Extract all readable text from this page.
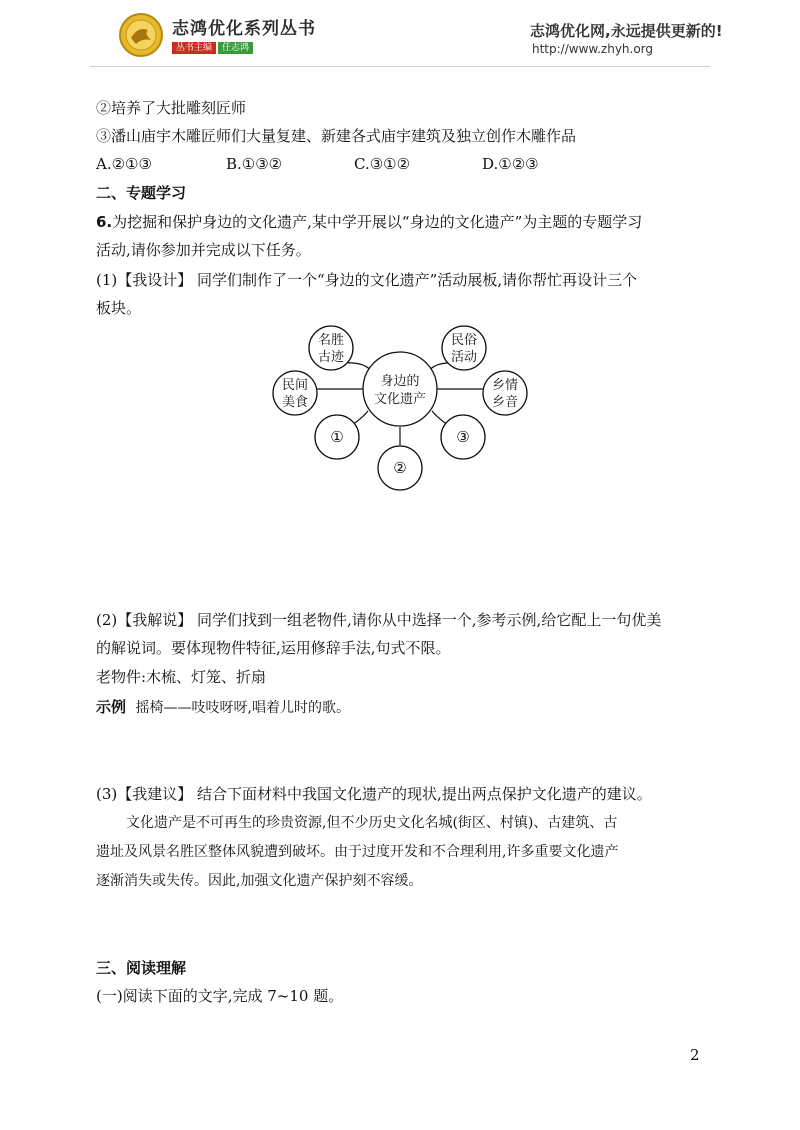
志鸿优化系列丛书
丛书主编 任志鸿
志鸿优化网,永远提供更新的!
http://www.zhyh.org
②培养了大批雕刻匠师
③潘山庙宇木雕匠师们大量复建、新建各式庙宇建筑及独立创作木雕作品
A.②①③	B.①③②	C.③①②	D.①②③
二、专题学习
6.为挖掘和保护身边的文化遗产,某中学开展以“身边的文化遗产”为主题的专题学习
活动,请你参加并完成以下任务。
(1)【我设计】 同学们制作了一个“身边的文化遗产”活动展板,请你帮忙再设计三个
板块。
身边的
文化遗产
名胜
古迹
民俗
活动
民间
美食
乡情
乡音
①
②
③
(2)【我解说】 同学们找到一组老物件,请你从中选择一个,参考示例,给它配上一句优美
的解说词。要体现物件特征,运用修辞手法,句式不限。
老物件:木梳、灯笼、折扇
示例 摇椅——吱吱呀呀,唱着儿时的歌。
(3)【我建议】 结合下面材料中我国文化遗产的现状,提出两点保护文化遗产的建议。
文化遗产是不可再生的珍贵资源,但不少历史文化名城(街区、村镇)、古建筑、古
遗址及风景名胜区整体风貌遭到破坏。由于过度开发和不合理利用,许多重要文化遗产
逐渐消失或失传。因此,加强文化遗产保护刻不容缓。
三、阅读理解
(一)阅读下面的文字,完成 7~10 题。
2
